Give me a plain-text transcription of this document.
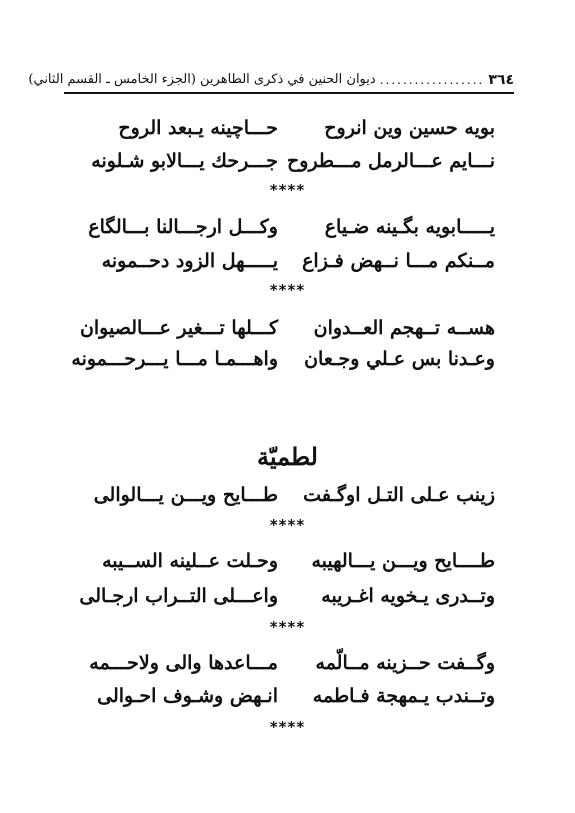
٣٦٤
..................
ديوان الحنين في ذكرى الطاهرين (الجزء الخامس ـ القسم الثاني)
بويه حسين وين انروح
حـــاچينه يـبعد الروح
نـــايم عـــالرمل مـــطروح
جـــرحك يـــالابو شـلونه
****
يـــــابويه بگـينه ضـياع
وكـــل ارجـــالنا بـــالگاع
مــنكم مـــا نــهض فـزاع
يـــــهل الزود دحــمونه
****
هســه تــهجم العــدوان
كـــلها تـــغير عـــالصيوان
وعـدنا بس عـلي وجـعان
واهـــمـا مـــا يـــرحـــمونه
لطميّة
زينب عـلى التـل اوگـفت
طـــايح ويـــن يـــالوالى
****
طــــايح ويـــن يـــالهيبه
وحـلت عــلينه الســيبه
وتــدرى يـخويه اغـريبه
واعـــلى التــراب ارجـالى
****
وگــفت حــزينه مــالّمه
مـــاعدها والى ولاحـــمه
وتــندب يـمهجة فـاطمه
انـهض وشـوف احـوالى
****
